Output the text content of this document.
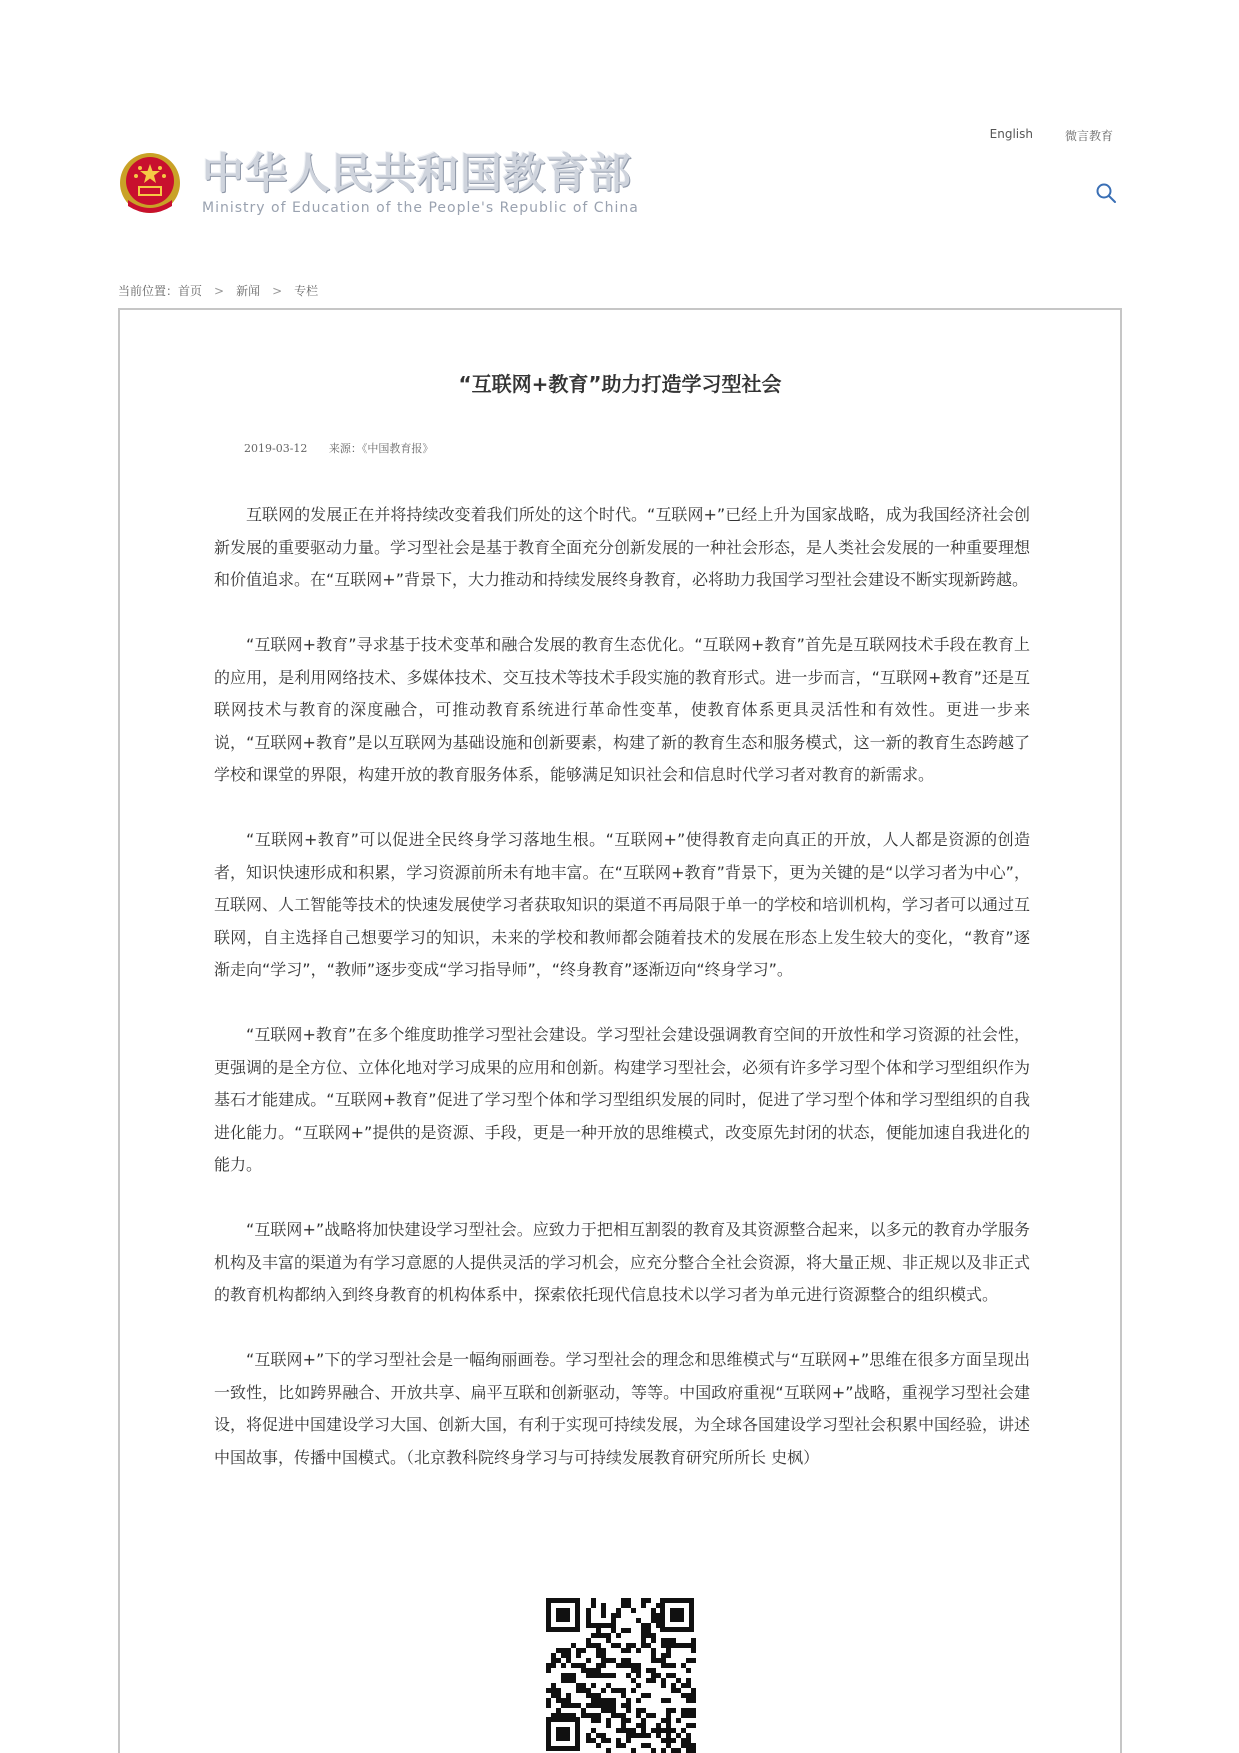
English	微言教育
中华人民共和国教育部
Ministry of Education of the People's Republic of China
当前位置： 首页 > 新闻 > 专栏
“互联网+教育”助力打造学习型社会
2019-03-12 来源：《中国教育报》

互联网的发展正在并将持续改变着我们所处的这个时代。“互联网+”已经上升为国家战略，成为我国经济社会创新发展的重要驱动力量。学习型社会是基于教育全面充分创新发展的一种社会形态，是人类社会发展的一种重要理想和价值追求。在“互联网+”背景下，大力推动和持续发展终身教育，必将助力我国学习型社会建设不断实现新跨越。

“互联网+教育”寻求基于技术变革和融合发展的教育生态优化。“互联网+教育”首先是互联网技术手段在教育上的应用，是利用网络技术、多媒体技术、交互技术等技术手段实施的教育形式。进一步而言，“互联网+教育”还是互联网技术与教育的深度融合，可推动教育系统进行革命性变革，使教育体系更具灵活性和有效性。更进一步来说，“互联网+教育”是以互联网为基础设施和创新要素，构建了新的教育生态和服务模式，这一新的教育生态跨越了学校和课堂的界限，构建开放的教育服务体系，能够满足知识社会和信息时代学习者对教育的新需求。

“互联网+教育”可以促进全民终身学习落地生根。“互联网+”使得教育走向真正的开放，人人都是资源的创造者，知识快速形成和积累，学习资源前所未有地丰富。在“互联网+教育”背景下，更为关键的是“以学习者为中心”，互联网、人工智能等技术的快速发展使学习者获取知识的渠道不再局限于单一的学校和培训机构，学习者可以通过互联网，自主选择自己想要学习的知识，未来的学校和教师都会随着技术的发展在形态上发生较大的变化，“教育”逐渐走向“学习”，“教师”逐步变成“学习指导师”，“终身教育”逐渐迈向“终身学习”。

“互联网+教育”在多个维度助推学习型社会建设。学习型社会建设强调教育空间的开放性和学习资源的社会性，更强调的是全方位、立体化地对学习成果的应用和创新。构建学习型社会，必须有许多学习型个体和学习型组织作为基石才能建成。“互联网+教育”促进了学习型个体和学习型组织发展的同时，促进了学习型个体和学习型组织的自我进化能力。“互联网+”提供的是资源、手段，更是一种开放的思维模式，改变原先封闭的状态，便能加速自我进化的能力。

“互联网+”战略将加快建设学习型社会。应致力于把相互割裂的教育及其资源整合起来，以多元的教育办学服务机构及丰富的渠道为有学习意愿的人提供灵活的学习机会，应充分整合全社会资源，将大量正规、非正规以及非正式的教育机构都纳入到终身教育的机构体系中，探索依托现代信息技术以学习者为单元进行资源整合的组织模式。

“互联网+”下的学习型社会是一幅绚丽画卷。学习型社会的理念和思维模式与“互联网+”思维在很多方面呈现出一致性，比如跨界融合、开放共享、扁平互联和创新驱动，等等。中国政府重视“互联网+”战略，重视学习型社会建设，将促进中国建设学习大国、创新大国，有利于实现可持续发展，为全球各国建设学习型社会积累中国经验，讲述中国故事，传播中国模式。（北京教科院终身学习与可持续发展教育研究所所长 史枫）
